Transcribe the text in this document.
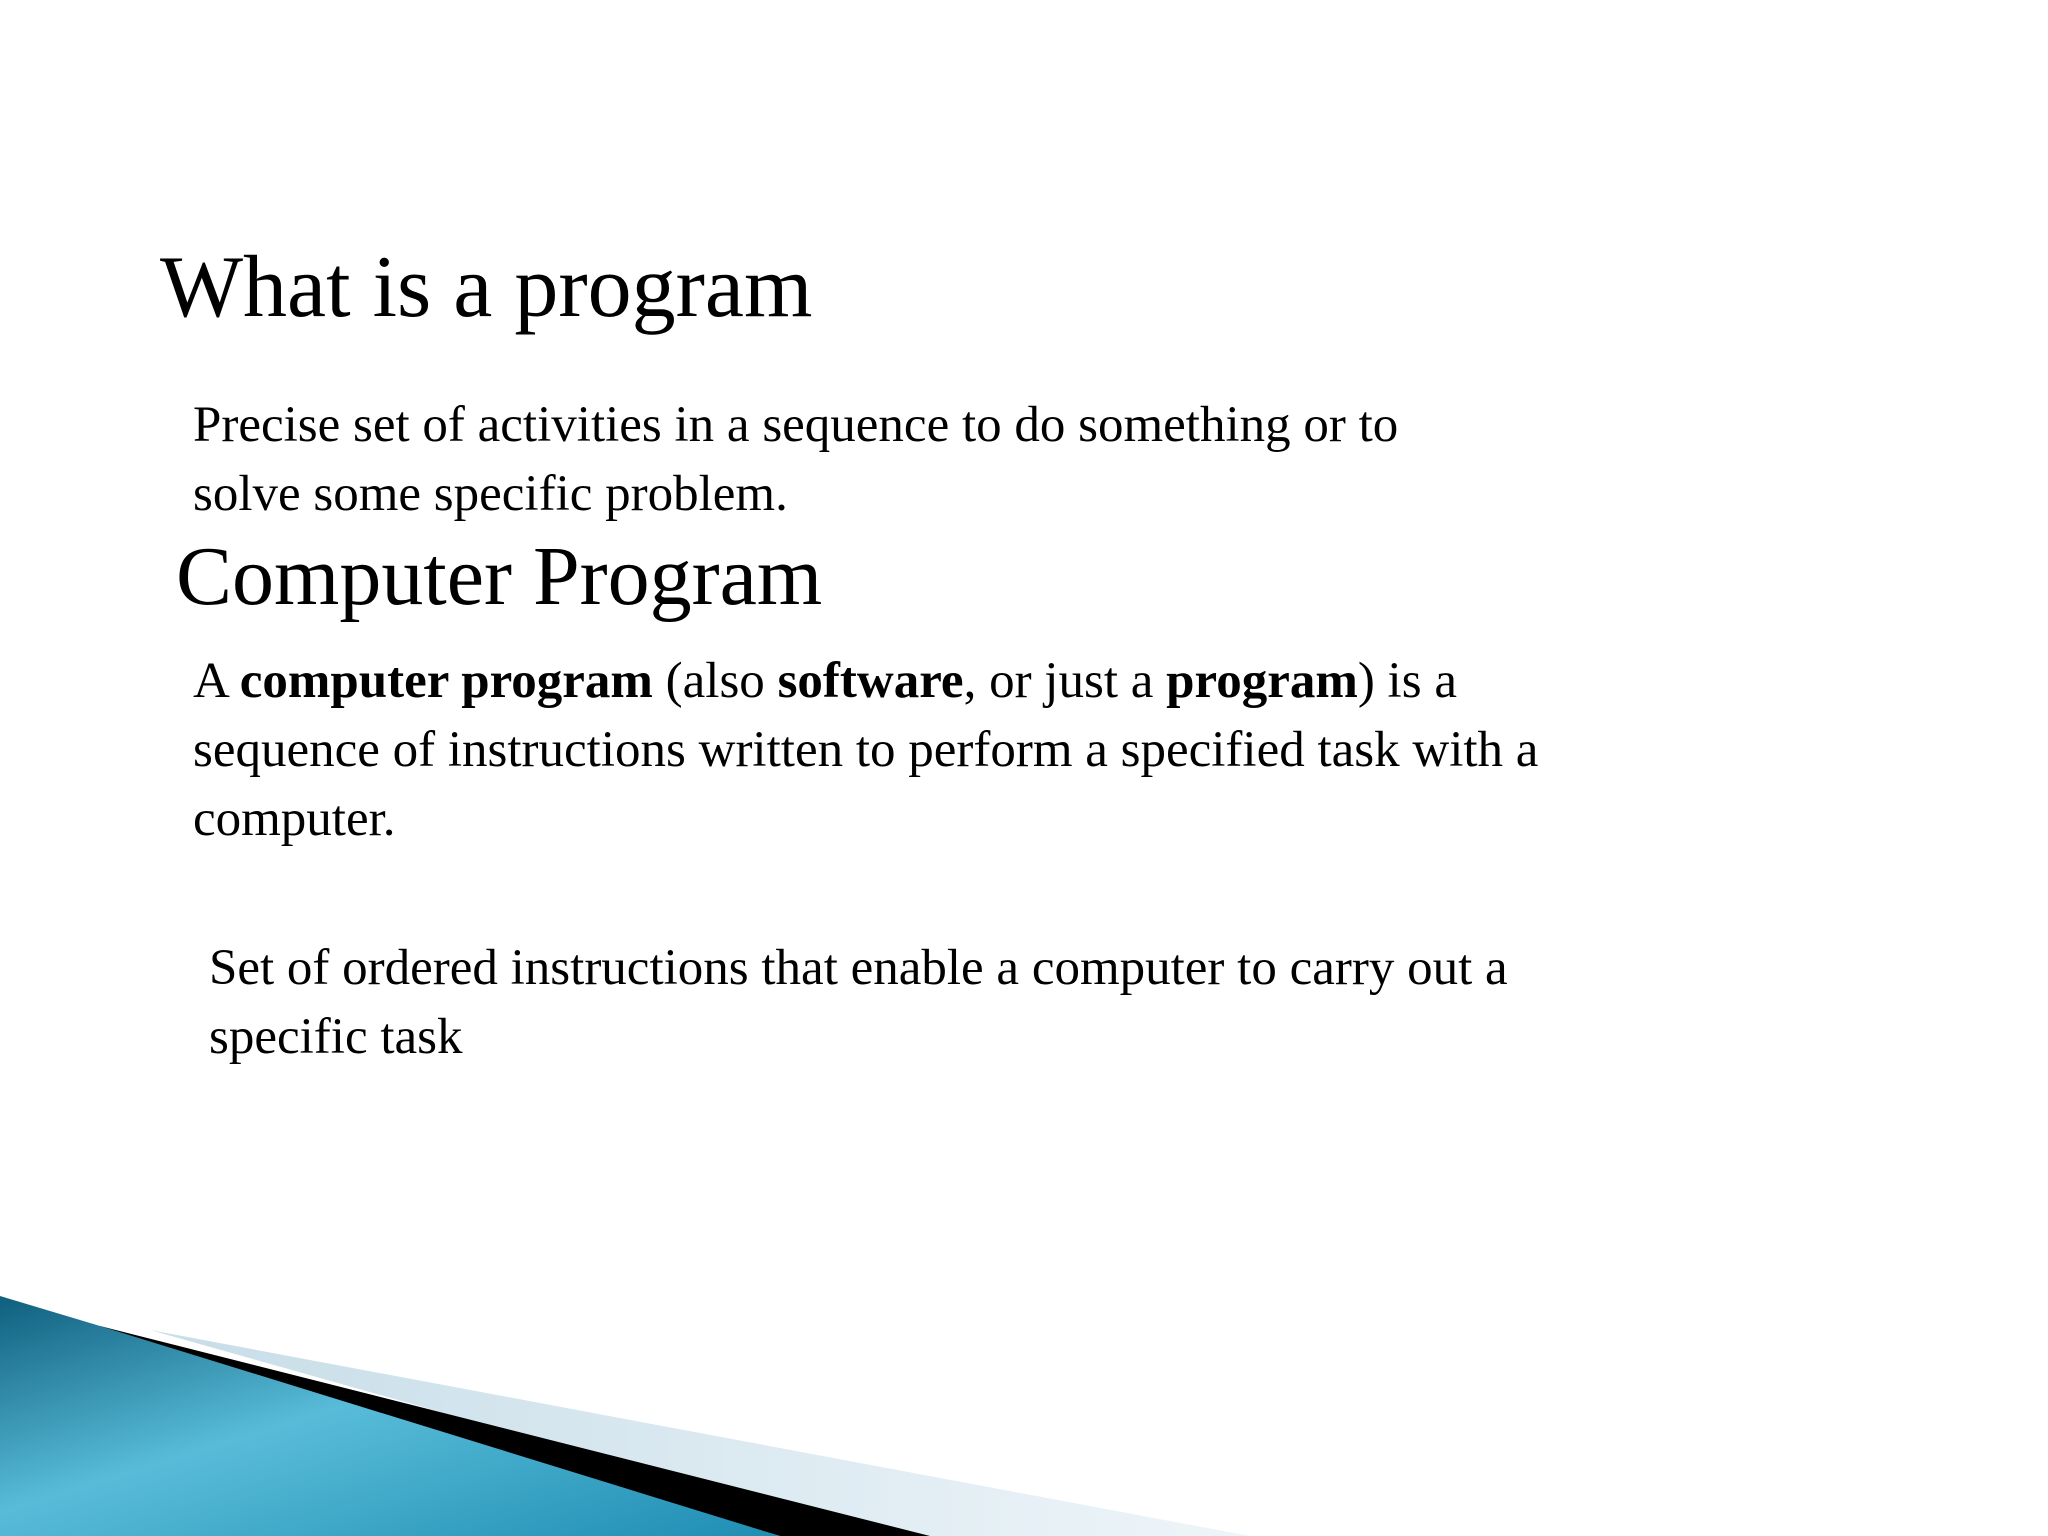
What is a program

Precise set of activities in a sequence to do something or to
solve some specific problem.

Computer Program

A computer program (also software, or just a program) is a
sequence of instructions written to perform a specified task with a
computer.

Set of ordered instructions that enable a computer to carry out a
specific task
